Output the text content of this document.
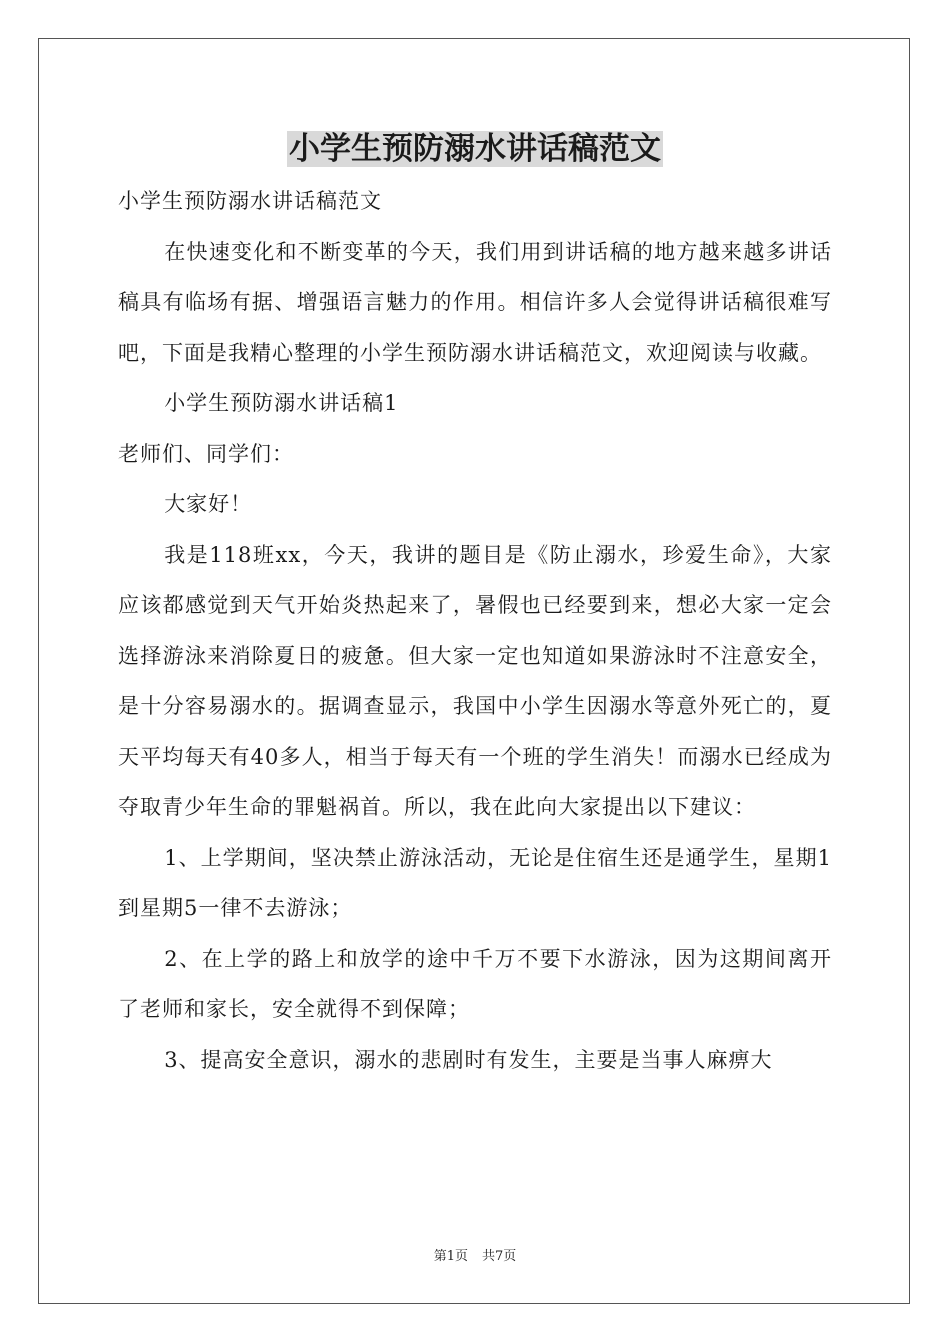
小学生预防溺水讲话稿范文

小学生预防溺水讲话稿范文

在快速变化和不断变革的今天，我们用到讲话稿的地方越来越多讲话稿具有临场有据、增强语言魅力的作用。相信许多人会觉得讲话稿很难写吧，下面是我精心整理的小学生预防溺水讲话稿范文，欢迎阅读与收藏。

小学生预防溺水讲话稿1

老师们、同学们：

大家好！

我是118班xx，今天，我讲的题目是《防止溺水，珍爱生命》，大家应该都感觉到天气开始炎热起来了，暑假也已经要到来，想必大家一定会选择游泳来消除夏日的疲惫。但大家一定也知道如果游泳时不注意安全，是十分容易溺水的。据调查显示，我国中小学生因溺水等意外死亡的，夏天平均每天有40多人，相当于每天有一个班的学生消失！而溺水已经成为夺取青少年生命的罪魁祸首。所以，我在此向大家提出以下建议：

1、上学期间，坚决禁止游泳活动，无论是住宿生还是通学生，星期1到星期5一律不去游泳；

2、在上学的路上和放学的途中千万不要下水游泳，因为这期间离开了老师和家长，安全就得不到保障；

3、提高安全意识，溺水的悲剧时有发生，主要是当事人麻痹大

第1页 共7页
